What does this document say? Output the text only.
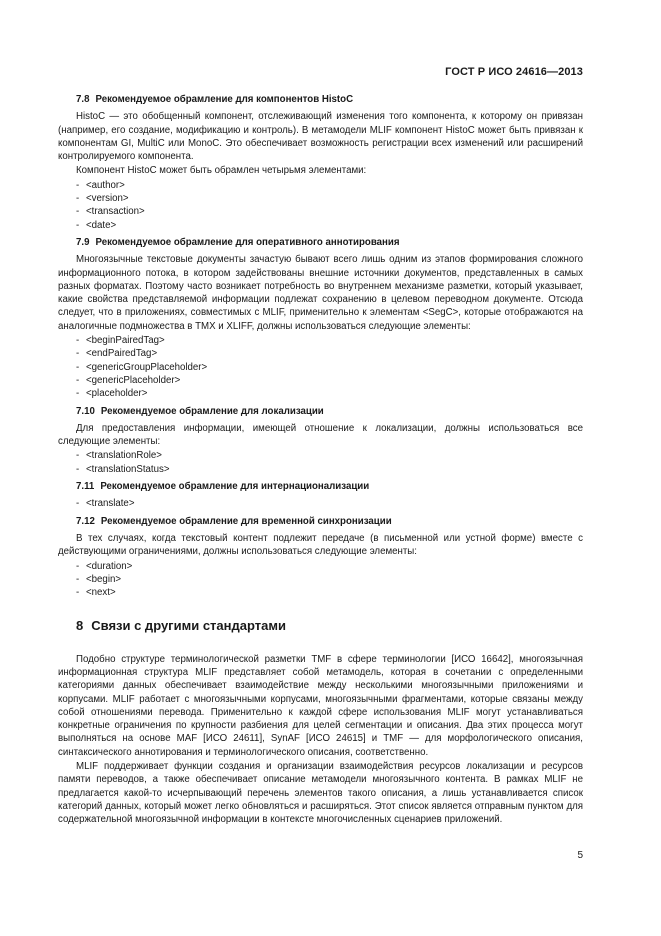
ГОСТ Р ИСО 24616—2013
7.8 Рекомендуемое обрамление для компонентов HistoC

HistoC — это обобщенный компонент, отслеживающий изменения того компонента, к которому он привязан (например, его создание, модификацию и контроль). В метамодели MLIF компонент HistoC может быть привязан к компонентам GI, MultiC или MonoC. Это обеспечивает возможность регистрации всех изменений или расширений контролируемого компонента.

Компонент HistoC может быть обрамлен четырьмя элементами:

- <author>
- <version>
- <transaction>
- <date>
7.9 Рекомендуемое обрамление для оперативного аннотирования

Многоязычные текстовые документы зачастую бывают всего лишь одним из этапов формирования сложного информационного потока, в котором задействованы внешние источники документов, представленных в самых разных форматах. Поэтому часто возникает потребность во внутреннем механизме разметки, который указывает, какие свойства представляемой информации подлежат сохранению в целевом переводном документе. Отсюда следует, что в приложениях, совместимых с MLIF, применительно к элементам <SegC>, которые отображаются на аналогичные подмножества в TMX и XLIFF, должны использоваться следующие элементы:

- <beginPairedTag>
- <endPairedTag>
- <genericGroupPlaceholder>
- <genericPlaceholder>
- <placeholder>
7.10 Рекомендуемое обрамление для локализации

Для предоставления информации, имеющей отношение к локализации, должны использоваться все следующие элементы:

- <translationRole>
- <translationStatus>
7.11 Рекомендуемое обрамление для интернационализации
- <translate>
7.12 Рекомендуемое обрамление для временной синхронизации

В тех случаях, когда текстовый контент подлежит передаче (в письменной или устной форме) вместе с действующими ограничениями, должны использоваться следующие элементы:

- <duration>
- <begin>
- <next>
8 Связи с другими стандартами

Подобно структуре терминологической разметки TMF в сфере терминологии [ИСО 16642], многоязычная информационная структура MLIF представляет собой метамодель, которая в сочетании с определенными категориями данных обеспечивает взаимодействие между несколькими многоязычными приложениями и корпусами. MLIF работает с многоязычными корпусами, многоязычными фрагментами, которые связаны между собой отношениями перевода. Применительно к каждой сфере использования MLIF могут устанавливаться конкретные ограничения по крупности разбиения для целей сегментации и описания. Два этих процесса могут выполняться на основе MAF [ИСО 24611], SynAF [ИСО 24615] и TMF — для морфологического описания, синтаксического аннотирования и терминологического описания, соответственно.

MLIF поддерживает функции создания и организации взаимодействия ресурсов локализации и ресурсов памяти переводов, а также обеспечивает описание метамодели многоязычного контента. В рамках MLIF не предлагается какой-то исчерпывающий перечень элементов такого описания, а лишь устанавливается список категорий данных, который может легко обновляться и расширяться. Этот список является отправным пунктом для содержательной многоязычной информации в контексте многочисленных сценариев приложений.

5
